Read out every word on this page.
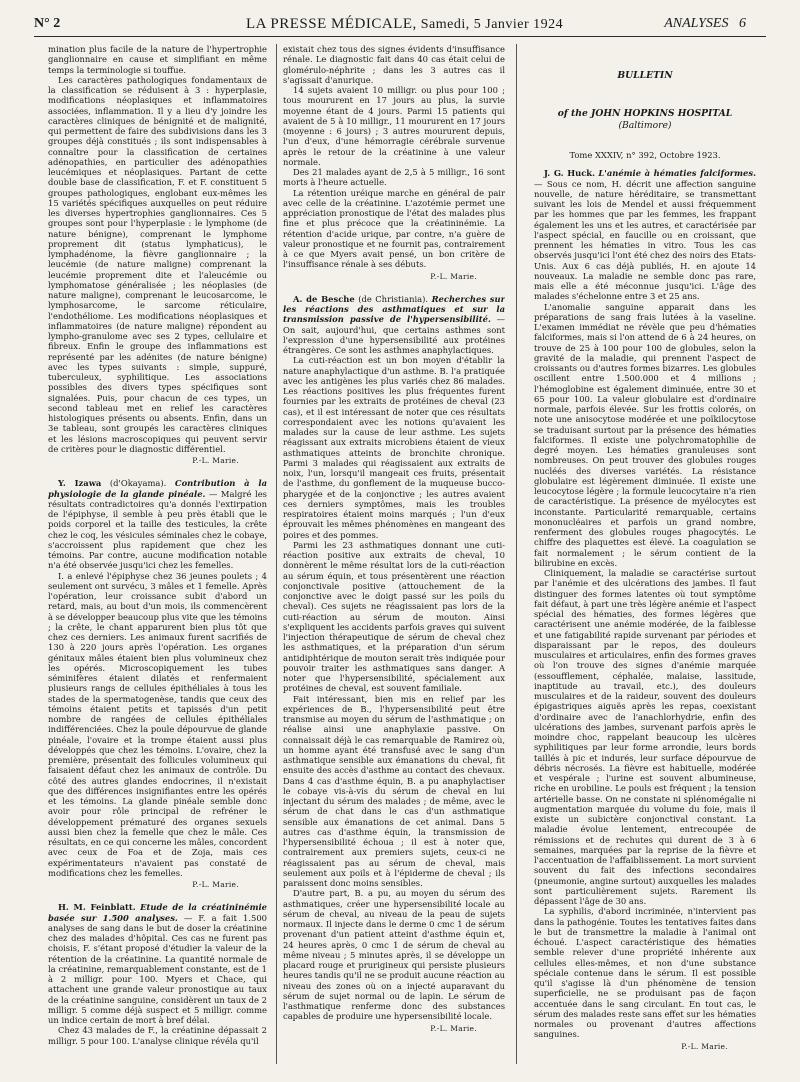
N° 2	LA PRESSE MÉDICALE, Samedi, 5 Janvier 1924	ANALYSES 6

mination plus facile de la nature de l'hypertrophie ganglionnaire en cause et simplifiant en même temps la terminologie si touffue.

Les caractères pathologiques fondamentaux de la classification se réduisent à 3 : hyperplasie, modifications néoplasiques et inflammatoires associées, inflammation. Il y a lieu d'y joindre les caractères cliniques de bénignité et de malignité, qui permettent de faire des subdivisions dans les 3 groupes déjà constitués ; ils sont indispensables à connaître pour la classification de certaines adénopathies, en particulier des adénopathies leucémiques et néoplasiques. Partant de cette double base de classification, F. et F. constituent 5 groupes pathologiques, englobant eux-mêmes les 15 variétés spécifiques auxquelles on peut réduire les diverses hypertrophies ganglionnaires. Ces 5 groupes sont pour l'hyperplasie : le lymphome (de nature bénigne), comprenant le lymphome proprement dit (status lymphaticus), le lymphadénome, la fièvre ganglionnaire ; la leucémie (de nature maligne) comprenant la leucémie proprement dite et l'aleucémie ou lymphomatose généralisée ; les néoplasies (de nature maligne), comprenant le leucosarcome, le lymphosarcome, le sarcome réticulaire, l'endothéliome. Les modifications néoplasiques et inflammatoires (de nature maligne) répondent au lympho-granulome avec ses 2 types, cellulaire et fibreux. Enfin le groupe des inflammations est représenté par les adénites (de nature bénigne) avec les types suivants : simple, suppuré, tuberculeux, syphilitique. Les associations possibles des divers types spécifiques sont signalées. Puis, pour chacun de ces types, un second tableau met en relief les caractères histologiques présents ou absents. Enfin, dans un 3e tableau, sont groupés les caractères cliniques et les lésions macroscopiques qui peuvent servir de critères pour le diagnostic différentiel.

P.-L. Marie.

Y. Izawa (d'Okayama). Contribution à la physiologie de la glande pinéale. — Malgré les résultats contradictoires qu'a donnés l'extirpation de l'épiphyse, il semble à peu près établi que le poids corporel et la taille des testicules, la crête chez le coq, les vésicules séminales chez le cobaye, s'accroissent plus rapidement que chez les témoins. Par contre, aucune modification notable n'a été observée jusqu'ici chez les femelles.

I. a enlevé l'épiphyse chez 36 jeunes poulets ; 4 seulement ont survécu, 3 mâles et 1 femelle. Après l'opération, leur croissance subit d'abord un retard, mais, au bout d'un mois, ils commencèrent à se développer beaucoup plus vite que les témoins ; la crête, le chant apparurent bien plus tôt que chez ces derniers. Les animaux furent sacrifiés de 130 à 220 jours après l'opération. Les organes génitaux mâles étaient bien plus volumineux chez les opérés. Microscopiquement les tubes séminifères étaient dilatés et renfermaient plusieurs rangs de cellules épithéliales à tous les stades de la spermatogenèse, tandis que ceux des témoins étaient petits et tapissés d'un petit nombre de rangées de cellules épithéliales indifférenciées. Chez la poule dépourvue de glande pinéale, l'ovaire et la trompe étaient aussi plus développés que chez les témoins. L'ovaire, chez la première, présentait des follicules volumineux qui faisaient défaut chez les animaux de contrôle. Du côté des autres glandes endocrines, il n'existait que des différences insignifiantes entre les opérés et les témoins. La glande pinéale semble donc avoir pour rôle principal de refréner le développement prématuré des organes sexuels aussi bien chez la femelle que chez le mâle. Ces résultats, en ce qui concerne les mâles, concordent avec ceux de Foa et de Zoja, mais ces expérimentateurs n'avaient pas constaté de modifications chez les femelles.

P.-L. Marie.

H. M. Feinblatt. Etude de la créatininémie basée sur 1.500 analyses. — F. a fait 1.500 analyses de sang dans le but de doser la créatinine chez des malades d'hôpital. Ces cas ne furent pas choisis, F. s'étant proposé d'étudier la valeur de la rétention de la créatinine. La quantité normale de la créatinine, remarquablement constante, est de 1 à 2 milligr. pour 100. Myers et Chace, qui attachent une grande valeur pronostique au taux de la créatinine sanguine, considèrent un taux de 2 milligr. 5 comme déjà suspect et 5 milligr. comme un indice certain de mort à bref délai.

Chez 43 malades de F., la créatinine dépassait 2 milligr. 5 pour 100. L'analyse clinique révéla qu'il

existait chez tous des signes évidents d'insuffisance rénale. Le diagnostic fait dans 40 cas était celui de glomérulo-néphrite ; dans les 3 autres cas il s'agissait d'anurique.

14 sujets avaient 10 milligr. ou plus pour 100 ; tous moururent en 17 jours au plus, la survie moyenne étant de 4 jours. Parmi 15 patients qui avaient de 5 à 10 milligr., 11 moururent en 17 jours (moyenne : 6 jours) ; 3 autres moururent depuis, l'un d'eux, d'une hémorragie cérébrale survenue après le retour de la créatinine à une valeur normale.

Des 21 malades ayant de 2,5 à 5 milligr., 16 sont morts à l'heure actuelle.

La rétention uréique marche en général de pair avec celle de la créatinine. L'azotémie permet une appréciation pronostique de l'état des malades plus fine et plus précoce que la créatininémie. La rétention d'acide urique, par contre, n'a guère de valeur pronostique et ne fournit pas, contrairement à ce que Myers avait pensé, un bon critère de l'insuffisance rénale à ses débuts.

P.-L. Marie.

A. de Besche (de Christiania). Recherches sur les réactions des asthmatiques et sur la transmission passive de l'hypersensibilité. — On sait, aujourd'hui, que certains asthmes sont l'expression d'une hypersensibilité aux protéines étrangères. Ce sont les asthmes anaphylactiques.

La cuti-réaction est un bon moyen d'établir la nature anaphylactique d'un asthme. B. l'a pratiquée avec les antigènes les plus variés chez 86 malades. Les réactions positives les plus fréquentes furent fournies par les extraits de protéines de cheval (23 cas), et il est intéressant de noter que ces résultats correspondaient avec les notions qu'avaient les malades sur la cause de leur asthme. Les sujets réagissant aux extraits microbiens étaient de vieux asthmatiques atteints de bronchite chronique. Parmi 3 malades qui réagissaient aux extraits de noix, l'un, lorsqu'il mangeait ces fruits, présentait de l'asthme, du gonflement de la muqueuse bucco-pharygée et de la conjonctive ; les autres avaient ces derniers symptômes, mais les troubles respiratoires étaient moins marqués ; l'un d'eux éprouvait les mêmes phénomènes en mangeant des poires et des pommes.

Parmi les 23 asthmatiques donnant une cuti-réaction positive aux extraits de cheval, 10 donnèrent le même résultat lors de la cuti-réaction au sérum équin, et tous présentèrent une réaction conjonctivale positive (attouchement de la conjonctive avec le doigt passé sur les poils du cheval). Ces sujets ne réagissaient pas lors de la cuti-réaction au sérum de mouton. Ainsi s'expliquent les accidents parfois graves qui suivent l'injection thérapeutique de sérum de cheval chez les asthmatiques, et la préparation d'un sérum antidiphtérique de mouton serait très indiquée pour pouvoir traiter les asthmatiques sans danger. A noter que l'hypersensibilité, spécialement aux protéines de cheval, est souvent familiale.

Fait intéressant, bien mis en relief par les expériences de B., l'hypersensibilité peut être transmise au moyen du sérum de l'asthmatique ; on réalise ainsi une anaphylaxie passive. On connaissait déjà le cas remarquable de Ramirez où, un homme ayant été transfusé avec le sang d'un asthmatique sensible aux émanations du cheval, fit ensuite des accès d'asthme au contact des chevaux. Dans 4 cas d'asthme équin, B. a pu anaphylactiser le cobaye vis-à-vis du sérum de cheval en lui injectant du sérum des malades ; de même, avec le sérum de chat dans le cas d'un asthmatique sensible aux émanations de cet animal. Dans 5 autres cas d'asthme équin, la transmission de l'hypersensibilité échoua ; il est à noter que, contrairement aux premiers sujets, ceux-ci ne réagissaient pas au sérum de cheval, mais seulement aux poils et à l'épiderme de cheval ; ils paraissent donc moins sensibles.

D'autre part, B. a pu, au moyen du sérum des asthmatiques, créer une hypersensibilité locale au sérum de cheval, au niveau de la peau de sujets normaux. Il injecte dans le derme 0 cmc 1 de sérum provenant d'un patient atteint d'asthme équin et, 24 heures après, 0 cmc 1 de sérum de cheval au même niveau ; 5 minutes après, il se développe un placard rouge et prurigineux qui persiste plusieurs heures tandis qu'il ne se produit aucune réaction au niveau des zones où on a injecté auparavant du sérum de sujet normal ou de lapin. Le sérum de l'asthmatique renferme donc des substances capables de produire une hypersensibilité locale.

P.-L. Marie.
BULLETIN
of the JOHN HOPKINS HOSPITAL
(Baltimore)
Tome XXXIV, n° 392, Octobre 1923.

J. G. Huck. L'anémie à hématies falciformes. — Sous ce nom, H. décrit une affection sanguine nouvelle, de nature héréditaire, se transmettant suivant les lois de Mendel et aussi fréquemment par les hommes que par les femmes, les frappant également les uns et les autres, et caractérisée par l'aspect spécial, en faucille ou en croissant, que prennent les hématies in vitro. Tous les cas observés jusqu'ici l'ont été chez des noirs des Etats-Unis. Aux 6 cas déjà publiés, H. en ajoute 14 nouveaux. La maladie ne semble donc pas rare, mais elle a été méconnue jusqu'ici. L'âge des malades s'échelonne entre 3 et 25 ans.

L'anomalie sanguine apparait dans les préparations de sang frais lutées à la vaseline. L'examen immédiat ne révèle que peu d'hématies falciformes, mais si l'on attend de 6 à 24 heures, on trouve de 25 à 100 pour 100 de globules, selon la gravité de la maladie, qui prennent l'aspect de croissants ou d'autres formes bizarres. Les globules oscillent entre 1.500.000 et 4 millions ; l'hémoglobine est également diminuée, entre 30 et 65 pour 100. La valeur globulaire est d'ordinaire normale, parfois élevée. Sur les frottis colorés, on note une anisocytose modérée et une poïkilocytose se traduisant surtout par la présence des hématies falciformes. Il existe une polychromatophilie de degré moyen. Les hématies granuleuses sont nombreuses. On peut trouver des globules rouges nucléés des diverses variétés. La résistance globulaire est légèrement diminuée. Il existe une leucocytose légère ; la formule leucocytaire n'a rien de caractéristique. La présence de myélocytes est inconstante. Particularité remarquable, certains mononucléaires et parfois un grand nombre, renferment des globules rouges phagocytés. Le chiffre des plaquettes est élevé. La coagulation se fait normalement ; le sérum contient de la bilirubine en excès.

Cliniquement, la maladie se caractérise surtout par l'anémie et des ulcérations des jambes. Il faut distinguer des formes latentes où tout symptôme fait défaut, à part une très légère anémie et l'aspect spécial des hématies, des formes légères que caractérisent une anémie modérée, de la faiblesse et une fatigabilité rapide survenant par périodes et disparaissant par le repos, des douleurs musculaires et articulaires, enfin des formes graves où l'on trouve des signes d'anémie marquée (essoufflement, céphalée, malaise, lassitude, inaptitude au travail, etc.), des douleurs musculaires et de la raideur, souvent des douleurs épigastriques aiguës après les repas, coexistant d'ordinaire avec de l'anachlorhydrie, enfin des ulcérations des jambes, survenant parfois après le moindre choc, rappelant beaucoup les ulcères syphilitiques par leur forme arrondie, leurs bords taillés à pic et indurés, leur surface dépourvue de débris nécrosés. La fièvre est habituelle, modérée et vespérale ; l'urine est souvent albumineuse, riche en urobiline. Le pouls est fréquent ; la tension artérielle basse. On ne constate ni splénomégalie ni augmentation marquée du volume du foie, mais il existe un subictère conjonctival constant. La maladie évolue lentement, entrecoupée de rémissions et de rechutes qui durent de 3 à 6 semaines, marquées par la reprise de la fièvre et l'accentuation de l'affaiblissement. La mort survient souvent du fait des infections secondaires (pneumonie, angine surtout) auxquelles les malades sont particulièrement sujets. Rarement ils dépassent l'âge de 30 ans.

La syphilis, d'abord incriminée, n'intervient pas dans la pathogénie. Toutes les tentatives faites dans le but de transmettre la maladie à l'animal ont échoué. L'aspect caractéristique des hématies semble relever d'une propriété inhérente aux cellules elles-mêmes, et non d'une substance spéciale contenue dans le sérum. Il est possible qu'il s'agisse là d'un phénomène de tension superficielle, ne se produisant pas de façon accentuée dans le sang circulant. En tout cas, le sérum des malades reste sans effet sur les hématies normales ou provenant d'autres affections sanguines.

P.-L. Marie.
